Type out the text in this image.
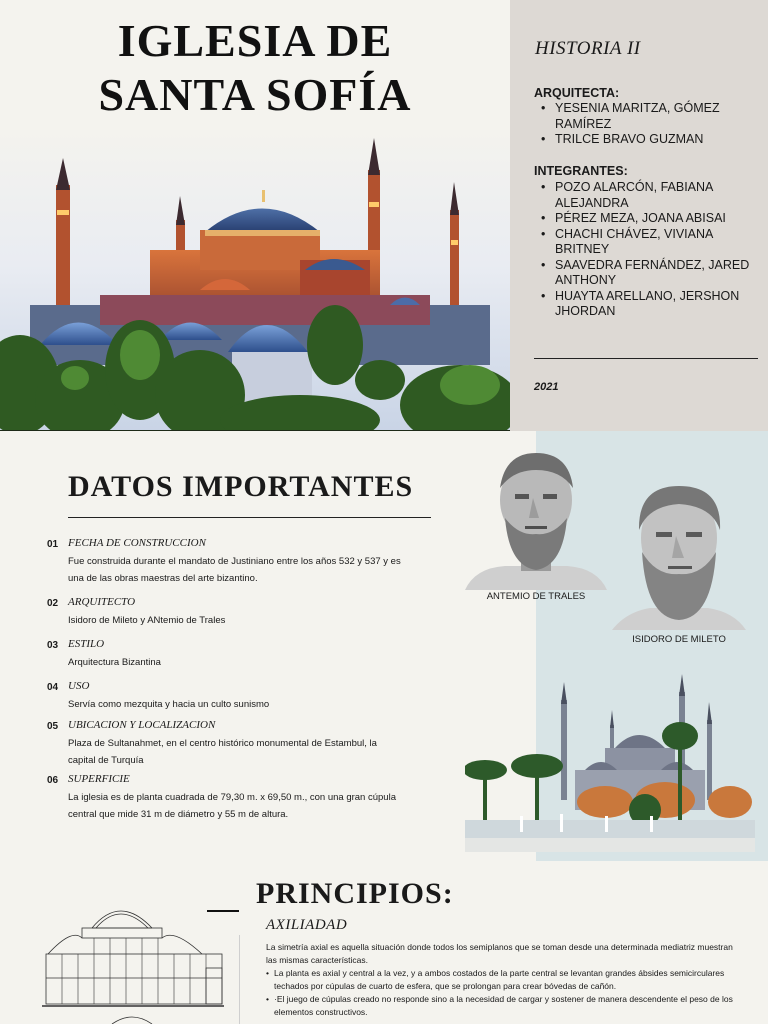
IGLESIA DE
SANTA SOFÍA
HISTORIA II
ARQUITECTA:
• YESENIA MARITZA, GÓMEZ RAMÍREZ
• TRILCE BRAVO GUZMAN
INTEGRANTES:
• POZO ALARCÓN, FABIANA ALEJANDRA
• PÉREZ MEZA, JOANA ABISAI
• CHACHI CHÁVEZ, VIVIANA BRITNEY
• SAAVEDRA FERNÁNDEZ, JARED ANTHONY
• HUAYTA ARELLANO, JERSHON JHORDAN
2021
DATOS IMPORTANTES
01 FECHA DE CONSTRUCCION

Fue construida durante el mandato de Justiniano entre los años 532 y 537 y es una de las obras maestras del arte bizantino.

02 ARQUITECTO

Isidoro de Mileto y ANtemio de Trales

03 ESTILO

Arquitectura Bizantina

04 USO

Servía como mezquita y hacia un culto sunismo

05 UBICACION Y LOCALIZACION

Plaza de Sultanahmet, en el centro histórico monumental de Estambul, la capital de Turquía

06 SUPERFICIE

La iglesia es de planta cuadrada de 79,30 m. x 69,50 m., con una gran cúpula central que mide 31 m de diámetro y 55 m de altura.

ANTEMIO DE TRALES
ISIDORO DE MILETO
PRINCIPIOS:
AXILIADAD

La simetría axial es aquella situación donde todos los semiplanos que se toman desde una determinada mediatriz muestran las mismas características.

• La planta es axial y central a la vez, y a ambos costados de la parte central se levantan grandes ábsides semicirculares techados por cúpulas de cuarto de esfera, que se prolongan para crear bóvedas de cañón.
• ·El juego de cúpulas creado no responde sino a la necesidad de cargar y sostener de manera descendente el peso de los elementos constructivos.
